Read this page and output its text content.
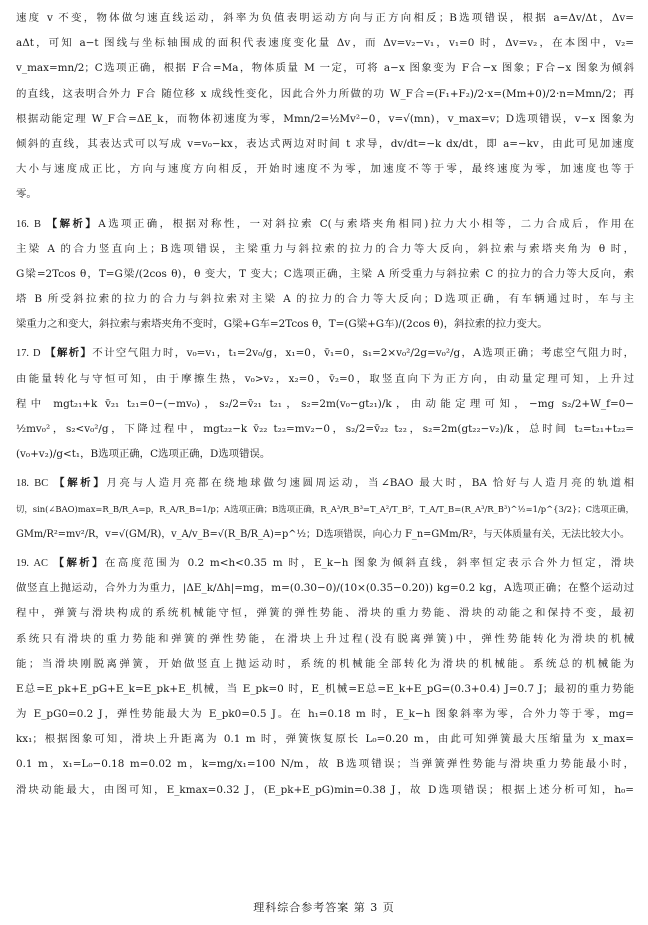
速度 v 不变，物体做匀速直线运动，斜率为负值表明运动方向与正方向相反；B选项错误，根据 a=Δv/Δt，Δv=
aΔt，可知 a−t 图线与坐标轴围成的面积代表速度变化量 Δv，而 Δv=v₂−v₁，v₁=0 时，Δv=v₂，在本图中，v₂=
v_max=mn/2；C选项正确，根据 F合=Ma，物体质量 M 一定，可将 a−x 图象变为 F合−x 图象；F合−x 图象为倾斜
的直线，这表明合外力 F合 随位移 x 成线性变化，因此合外力所做的功 W_F合=(F₁+F₂)/2·x=(Mm+0)/2·n=Mmn/2；再
根据动能定理 W_F合=ΔE_k，而物体初速度为零，Mmn/2=½Mv²−0，v=√(mn)，v_max=v；D选项错误，v−x 图象为
倾斜的直线，其表达式可以写成 v=v₀−kx，表达式两边对时间 t 求导，dv/dt=−k dx/dt，即 a=−kv，由此可见加速度
大小与速度成正比，方向与速度方向相反，开始时速度不为零，加速度不等于零，最终速度为零，加速度也等于
零。
16. B 【解析】A选项正确，根据对称性，一对斜拉索 C(与索塔夹角相同)拉力大小相等，二力合成后，作用在
主梁 A 的合力竖直向上；B选项错误，主梁重力与斜拉索的拉力的合力等大反向，斜拉索与索塔夹角为 θ 时，
G梁=2Tcos θ，T=G梁/(2cos θ)，θ 变大，T 变大；C选项正确，主梁 A 所受重力与斜拉索 C 的拉力的合力等大反向，索
塔 B 所受斜拉索的拉力的合力与斜拉索对主梁 A 的拉力的合力等大反向；D选项正确，有车辆通过时，车与主
梁重力之和变大，斜拉索与索塔夹角不变时，G梁+G车=2Tcos θ，T=(G梁+G车)/(2cos θ)，斜拉索的拉力变大。
17. D 【解析】不计空气阻力时，v₀=v₁，t₁=2v₀/g，x₁=0，v̄₁=0，s₁=2×v₀²/2g=v₀²/g，A选项正确；考虑空气阻力时，
由能量转化与守恒可知，由于摩擦生热，v₀>v₂，x₂=0，v̄₂=0，取竖直向下为正方向，由动量定理可知，上升过
程中 mgt₂₁+k v̄₂₁ t₂₁=0−(−mv₀)，s₂/2=v̄₂₁ t₂₁，s₂=2m(v₀−gt₂₁)/k，由动能定理可知，−mg s₂/2+W_f=0−
½mv₀²，s₂<v₀²/g，下降过程中，mgt₂₂−k v̄₂₂ t₂₂=mv₂−0，s₂/2=v̄₂₂ t₂₂，s₂=2m(gt₂₂−v₂)/k，总时间 t₂=t₂₁+t₂₂=
(v₀+v₂)/g<t₁，B选项正确，C选项正确，D选项错误。
18. BC 【解析】月亮与人造月亮都在绕地球做匀速圆周运动，当∠BAO 最大时，BA 恰好与人造月亮的轨道相
切，sin(∠BAO)max=R_B/R_A=p，R_A/R_B=1/p；A选项正确；B选项正确，R_A³/R_B³=T_A²/T_B²，T_A/T_B=(R_A³/R_B³)^½=1/p^{3/2}；C选项正确，
GMm/R²=mv²/R，v=√(GM/R)，v_A/v_B=√(R_B/R_A)=p^½；D选项错误，向心力 F_n=GMm/R²，与天体质量有关，无法比较大小。
19. AC 【解析】在高度范围为 0.2 m<h<0.35 m 时，E_k−h 图象为倾斜直线，斜率恒定表示合外力恒定，滑块
做竖直上抛运动，合外力为重力，|ΔE_k/Δh|=mg，m=(0.30−0)/(10×(0.35−0.20)) kg=0.2 kg，A选项正确；在整个运动过
程中，弹簧与滑块构成的系统机械能守恒，弹簧的弹性势能、滑块的重力势能、滑块的动能之和保持不变，最初
系统只有滑块的重力势能和弹簧的弹性势能，在滑块上升过程(没有脱离弹簧)中，弹性势能转化为滑块的机械
能；当滑块刚脱离弹簧，开始做竖直上抛运动时，系统的机械能全部转化为滑块的机械能。系统总的机械能为
E总=E_pk+E_pG+E_k=E_pk+E_机械，当 E_pk=0 时，E_机械=E总=E_k+E_pG=(0.3+0.4) J=0.7 J；最初的重力势能
为 E_pG0=0.2 J，弹性势能最大为 E_pk0=0.5 J。在 h₁=0.18 m 时，E_k−h 图象斜率为零，合外力等于零，mg=
kx₁；根据图象可知，滑块上升距离为 0.1 m 时，弹簧恢复原长 L₀=0.20 m，由此可知弹簧最大压缩量为 x_max=
0.1 m，x₁=L₀−0.18 m=0.02 m，k=mg/x₁=100 N/m，故 B选项错误；当弹簧弹性势能与滑块重力势能最小时，
滑块动能最大，由图可知，E_kmax=0.32 J，(E_pk+E_pG)min=0.38 J，故 D选项错误；根据上述分析可知，h₀=
理科综合参考答案 第 3 页
